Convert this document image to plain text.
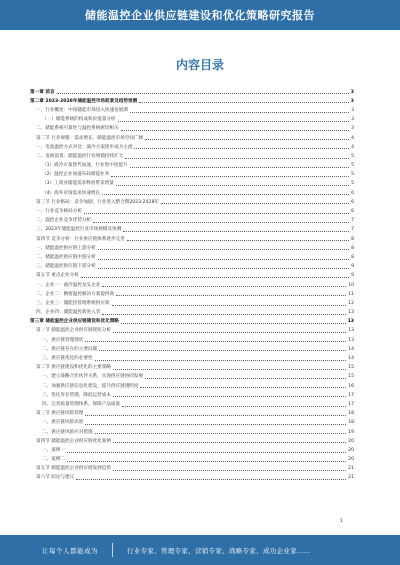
储能温控企业供应链建设和优化策略研究报告
内容目录
第一章 前言	3
第二章 2023-2028年储能温控市场前景及趋势预测	3
一、行业概述：中国储能市场进入快速发展期	3
（一）储能系统的构成和价值量分析	3
二、储能系统可靠性与温控系统密切相关	3
第二节 行业规模：需求增长，储能温控市场空间广阔	4
一、电池温控方式对比：液冷方案逐步成为主流	4
二、发展前景：储能温控行业规模持续扩大	5
（1）液冷方案替代加速，行业集中度提升	5
（2）温控企业加速布局储能业务	5
（3）工商业储能需求释放带来增量	5
（4）海外市场需求快速增长	6
第三节 行业格局：竞争加剧，行业进入整合期2023-2028年	6
一、行业竞争格局分析	6
二、温控企业竞争优势分析	7
三、2023年储能温控行业市场规模及预测	7
第四节 竞争分析：行业供应链体系逐步完善	8
一、储能温控供应链上游分析	8
二、储能温控供应链中游分析	8
三、储能温控供应链下游分析	9
第五节 重点企业分析	9
一、企业一：液冷温控龙头企业	10
二、企业二：精密温控解决方案提供商	11
三、企业三：储能热管理系统供应商	12
四、企业四：储能温控新进入者	13
第三章 储能温控企业供应链建设和优化策略	13
第一节 储能温控企业供应链现状分析	13
一、供应链管理现状	13
二、供应链存在的主要问题	14
三、供应链优化的必要性	14
第二节 供应链建设和优化的主要策略	15
一、建立战略合作伙伴关系，实现供应链协同发展	15
二、加强供应链信息化建设，提升供应链透明度	16
三、优化库存管理，降低运营成本	17
四、完善质量管理体系，保障产品质量	17
第三节 供应链风险管理	18
一、供应链风险识别	18
二、供应链风险应对措施	19
第四节 储能温控企业供应链优化案例	20
一、案例一	20
二、案例二	20
第五节 储能温控企业供应链发展趋势	21
第六节 结论与建议	21
1
让每个人都能成为	行业专家、管理专家、营销专家、战略专家、成功企业家……
